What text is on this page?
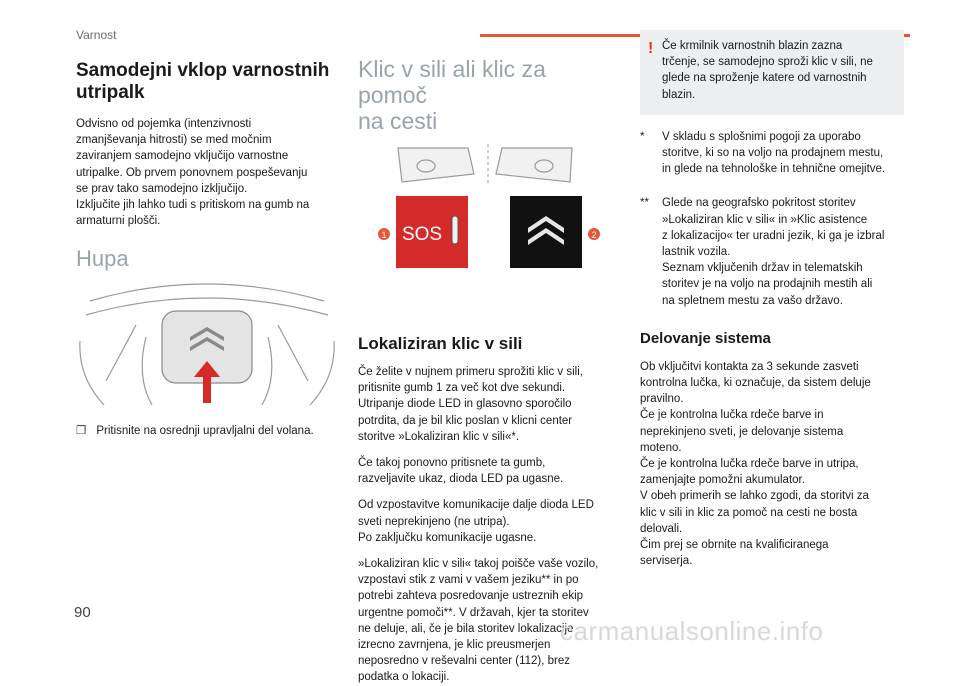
Varnost
Samodejni vklop varnostnih utripalk

Odvisno od pojemka (intenzivnosti

zmanjševanja hitrosti) se med močnim

zaviranjem samodejno vključijo varnostne

utripalke. Ob prvem ponovnem pospeševanju

se prav tako samodejno izključijo.

Izključite jih lahko tudi s pritiskom na gumb na

armaturni plošči.

Hupa
❒ Pritisnite na osrednji upravljalni del volana.
Klic v sili ali klic za pomoč
na cesti
SOS
1	2
Lokaliziran klic v sili

Če želite v nujnem primeru sprožiti klic v sili,

pritisnite gumb 1 za več kot dve sekundi.

Utripanje diode LED in glasovno sporočilo

potrdita, da je bil klic poslan v klicni center

storitve »Lokaliziran klic v sili«*.

Če takoj ponovno pritisnete ta gumb,

razveljavite ukaz, dioda LED pa ugasne.

Od vzpostavitve komunikacije dalje dioda LED

sveti neprekinjeno (ne utripa).

Po zaključku komunikacije ugasne.

»Lokaliziran klic v sili« takoj poišče vaše vozilo,

vzpostavi stik z vami v vašem jeziku** in po

potrebi zahteva posredovanje ustreznih ekip

urgentne pomoči**. V državah, kjer ta storitev

ne deluje, ali, če je bila storitev lokalizacije

izrecno zavrnjena, je klic preusmerjen

neposredno v reševalni center (112), brez

podatka o lokaciji.

! Če krmilnik varnostnih blazin zazna

trčenje, se samodejno sproži klic v sili, ne

glede na sproženje katere od varnostnih

blazin.

*	V skladu s splošnimi pogoji za uporabo

storitve, ki so na voljo na prodajnem mestu,

in glede na tehnološke in tehnične omejitve.

**	Glede na geografsko pokritost storitev

»Lokaliziran klic v sili« in »Klic asistence

z lokalizacijo« ter uradni jezik, ki ga je izbral

lastnik vozila.

Seznam vključenih držav in telematskih

storitev je na voljo na prodajnih mestih ali

na spletnem mestu za vašo državo.

Delovanje sistema

Ob vključitvi kontakta za 3 sekunde zasveti

kontrolna lučka, ki označuje, da sistem deluje

pravilno.

Če je kontrolna lučka rdeče barve in

neprekinjeno sveti, je delovanje sistema

moteno.

Če je kontrolna lučka rdeče barve in utripa,

zamenjajte pomožni akumulator.

V obeh primerih se lahko zgodi, da storitvi za

klic v sili in klic za pomoč na cesti ne bosta

delovali.

Čim prej se obrnite na kvalificiranega

serviserja.

90
carmanualsonline.info
